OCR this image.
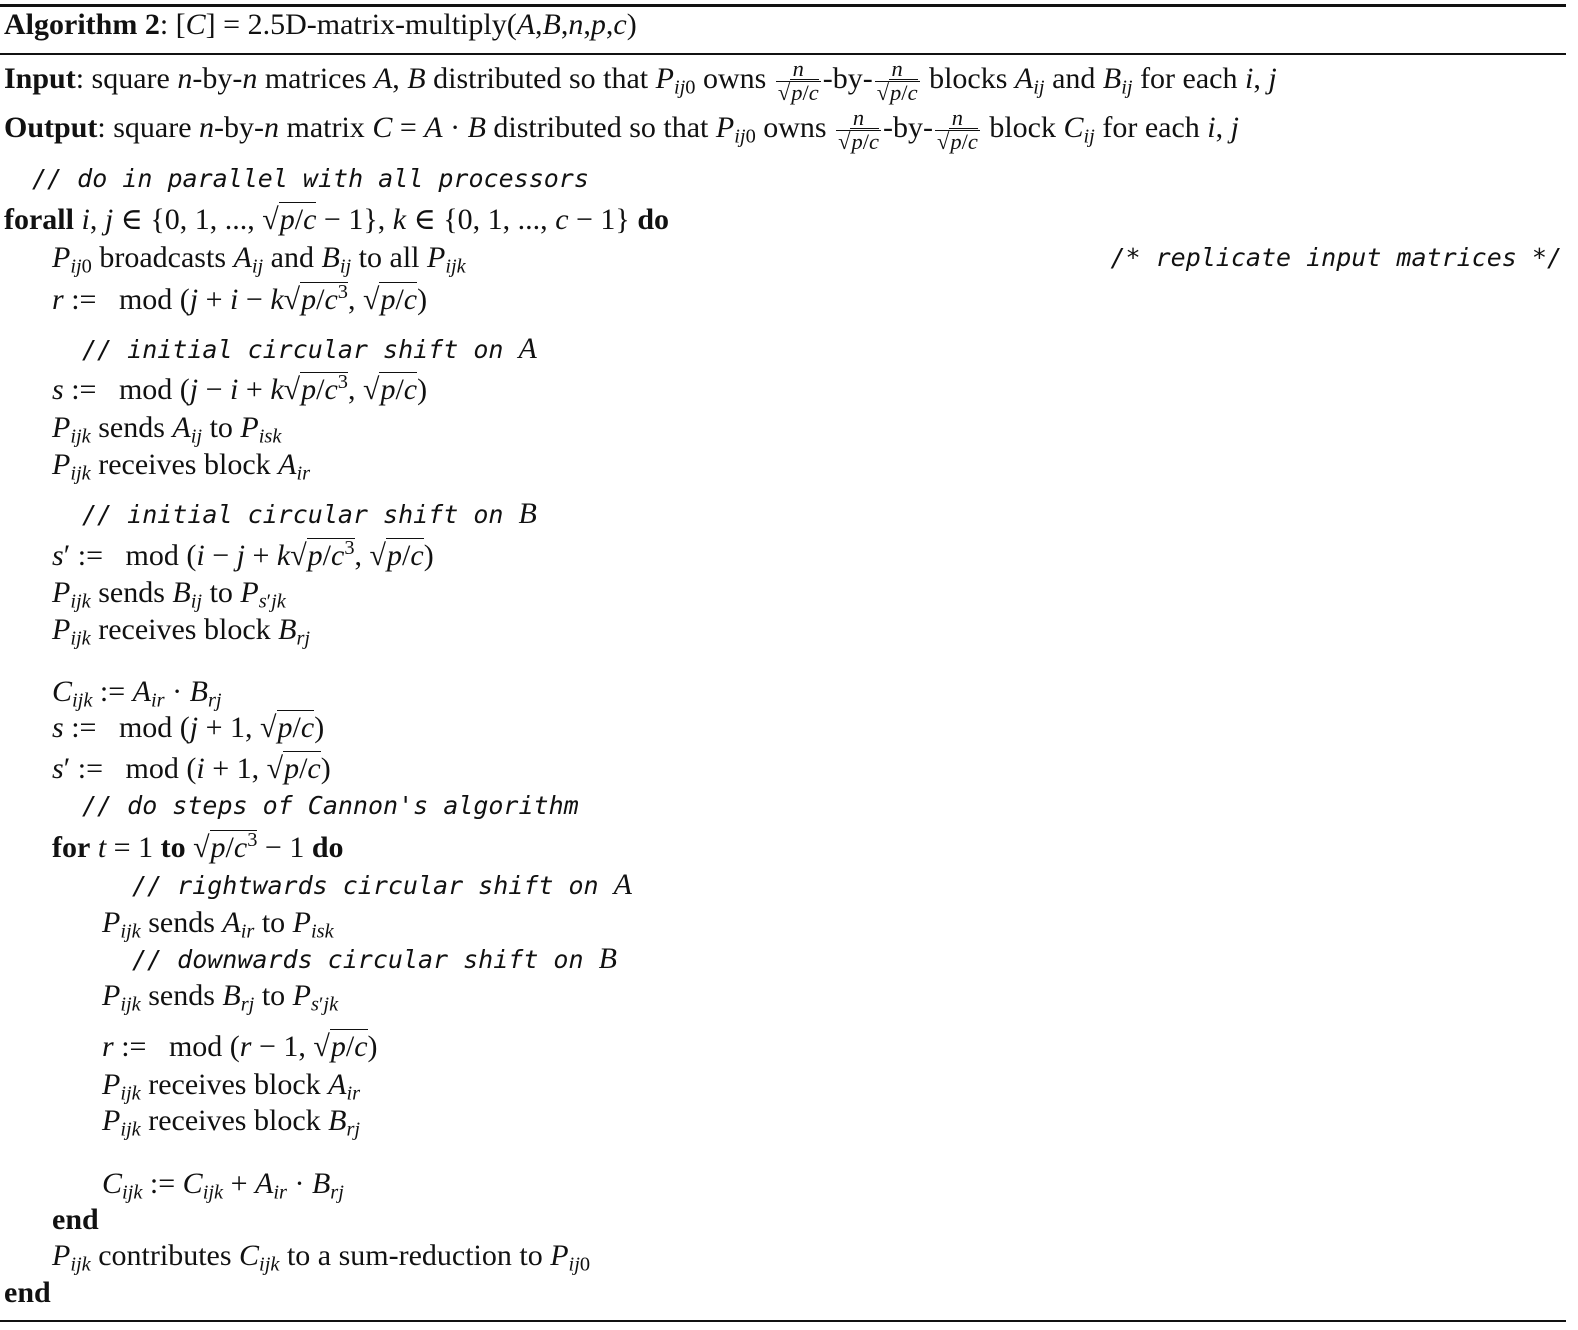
Algorithm 2: [C] = 2.5D-matrix-multiply(A,B,n,p,c)
Input: square n-by-n matrices A, B distributed so that $P_{ij0}$ owns $\frac{n}{√p/c} -by- \frac{n}{√p/c}$ blocks $A_{ij}$ and $B_{ij}$ for each i, j
Output: square n-by-n matrix C = A · B distributed so that $P_{ij0}$ owns $\frac{n}{√p/c} -by- \frac{n}{√p/c}$ block $C_{ij}$ for each i, j
// do in parallel with all processors
forall i, j ∈ {0, 1, ..., √p/c − 1}, k ∈ {0, 1, ..., c − 1} do
$P_{ij0}$ broadcasts $A_{ij}$ and $B_{ij}$ to all $P_{ijk}$	/* replicate input matrices */
r :=   mod ($j + i - k√p/c^3$, √p/c)
// initial circular shift on A
s :=   mod ($j - i + k√p/c^3$, √p/c)
$P_{ijk}$ sends $A_{ij}$ to $P_{isk}$
$P_{ijk}$ receives block $A_{ir}$
// initial circular shift on B
s′ :=   mod ($i - j + k√p/c^3$, √p/c)
$P_{ijk}$ sends $B_{ij}$ to $P_{s'jk}$
$P_{ijk}$ receives block $B_{rj}$
$C_{ijk}$ := $A_{ir} \cdot B_{rj}$
s :=   mod (j + 1, √p/c)
s′ :=   mod (i + 1, √p/c)
// do steps of Cannon's algorithm
for t = 1 to $√p/c^3 - 1$ do
// rightwards circular shift on A
$P_{ijk}$ sends $A_{ir}$ to $P_{isk}$
// downwards circular shift on B
$P_{ijk}$ sends $B_{rj}$ to $P_{s'jk}$
r :=   mod (r − 1, √p/c)
$P_{ijk}$ receives block $A_{ir}$
$P_{ijk}$ receives block $B_{rj}$
$C_{ijk}$ := $C_{ijk} + A_{ir} \cdot B_{rj}$
end
$P_{ijk}$ contributes $C_{ijk}$ to a sum-reduction to $P_{ij0}$
end
